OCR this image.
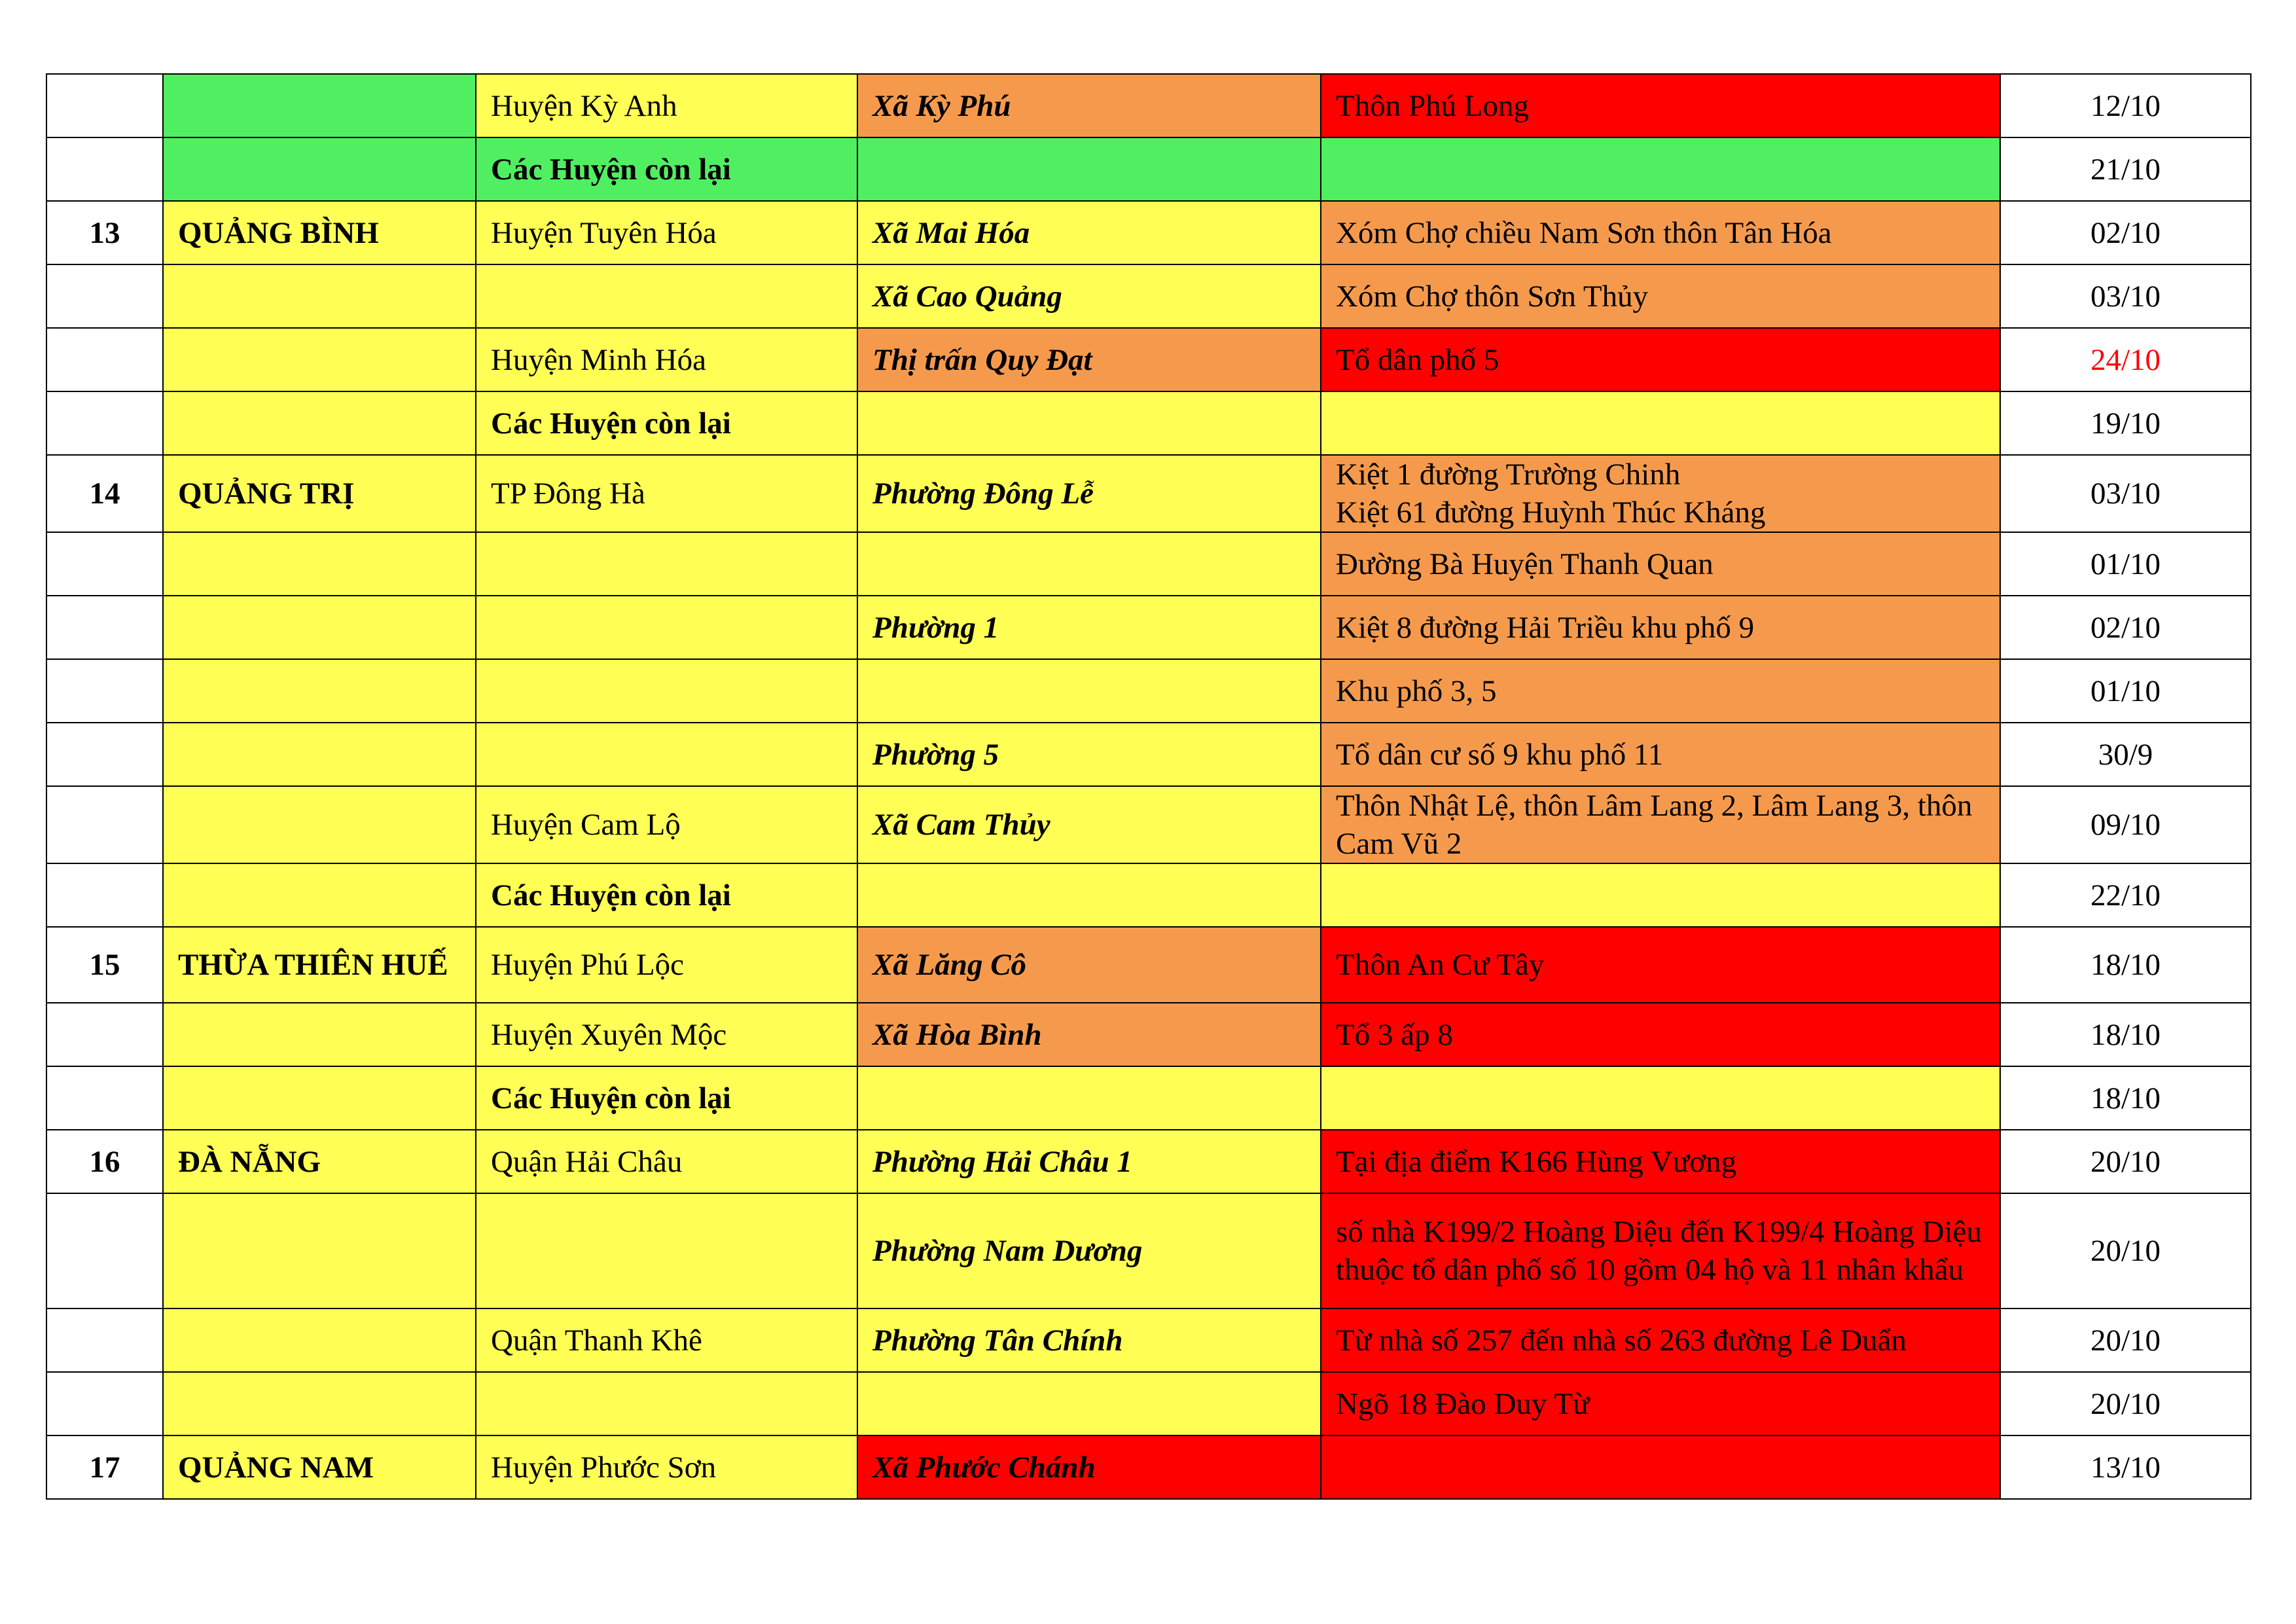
		Huyện Kỳ Anh	Xã Kỳ Phú	Thôn Phú Long	12/10
		Các Huyện còn lại			21/10
13	QUẢNG BÌNH	Huyện Tuyên Hóa	Xã Mai Hóa	Xóm Chợ chiều Nam Sơn thôn Tân Hóa	02/10
			Xã Cao Quảng	Xóm Chợ thôn Sơn Thủy	03/10
		Huyện Minh Hóa	Thị trấn Quy Đạt	Tổ dân phố 5	24/10
		Các Huyện còn lại			19/10
14	QUẢNG TRỊ	TP Đông Hà	Phường Đông Lễ	Kiệt 1 đường Trường Chinh
Kiệt 61 đường Huỳnh Thúc Kháng	03/10
				Đường Bà Huyện Thanh Quan	01/10
			Phường 1	Kiệt 8 đường Hải Triều khu phố 9	02/10
				Khu phố 3, 5	01/10
			Phường 5	Tổ dân cư số 9 khu phố 11	30/9
		Huyện Cam Lộ	Xã Cam Thủy	Thôn Nhật Lệ, thôn Lâm Lang 2, Lâm Lang 3, thôn Cam Vũ 2	09/10
		Các Huyện còn lại			22/10
15	THỪA THIÊN HUẾ	Huyện Phú Lộc	Xã Lăng Cô	Thôn An Cư Tây	18/10
		Huyện Xuyên Mộc	Xã Hòa Bình	Tổ 3 ấp 8	18/10
		Các Huyện còn lại			18/10
16	ĐÀ NẴNG	Quận Hải Châu	Phường Hải Châu 1	Tại địa điểm K166 Hùng Vương	20/10
			Phường Nam Dương	số nhà K199/2 Hoàng Diệu đến K199/4 Hoàng Diệu thuộc tổ dân phố số 10 gồm 04 hộ và 11 nhân khẩu	20/10
		Quận Thanh Khê	Phường Tân Chính	Từ nhà số 257 đến nhà số 263 đường Lê Duẩn	20/10
				Ngõ 18 Đào Duy Từ	20/10
17	QUẢNG NAM	Huyện Phước Sơn	Xã Phước Chánh		13/10
